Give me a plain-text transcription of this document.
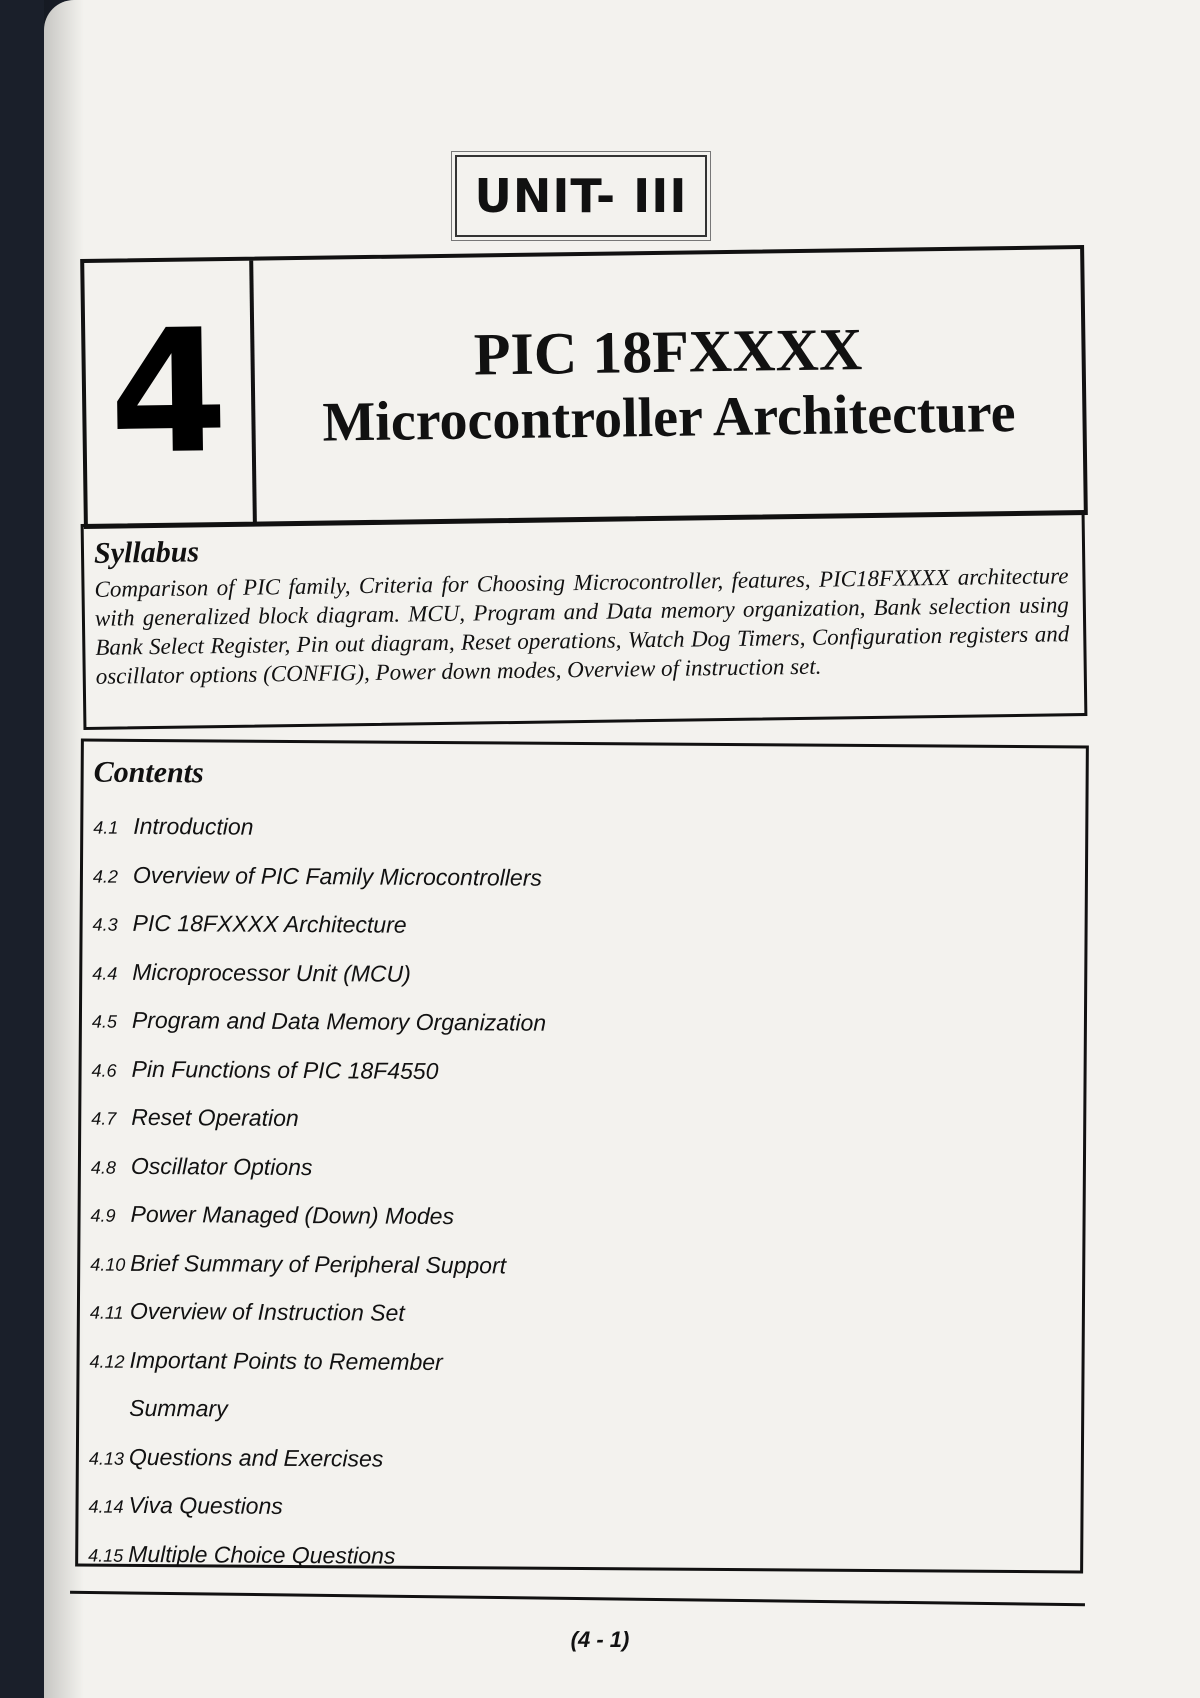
UNIT- III
4	PIC 18FXXXX
Microcontroller Architecture
Syllabus

Comparison of PIC family, Criteria for Choosing Microcontroller, features, PIC18FXXXX architecture with generalized block diagram. MCU, Program and Data memory organization, Bank selection using Bank Select Register, Pin out diagram, Reset operations, Watch Dog Timers, Configuration registers and oscillator options (CONFIG), Power down modes, Overview of instruction set.

Contents
4.1 Introduction
4.2 Overview of PIC Family Microcontrollers
4.3 PIC 18FXXXX Architecture
4.4 Microprocessor Unit (MCU)
4.5 Program and Data Memory Organization
4.6 Pin Functions of PIC 18F4550
4.7 Reset Operation
4.8 Oscillator Options
4.9 Power Managed (Down) Modes
4.10 Brief Summary of Peripheral Support
4.11 Overview of Instruction Set
4.12 Important Points to Remember
Summary
4.13 Questions and Exercises
4.14 Viva Questions
4.15 Multiple Choice Questions
(4 - 1)
